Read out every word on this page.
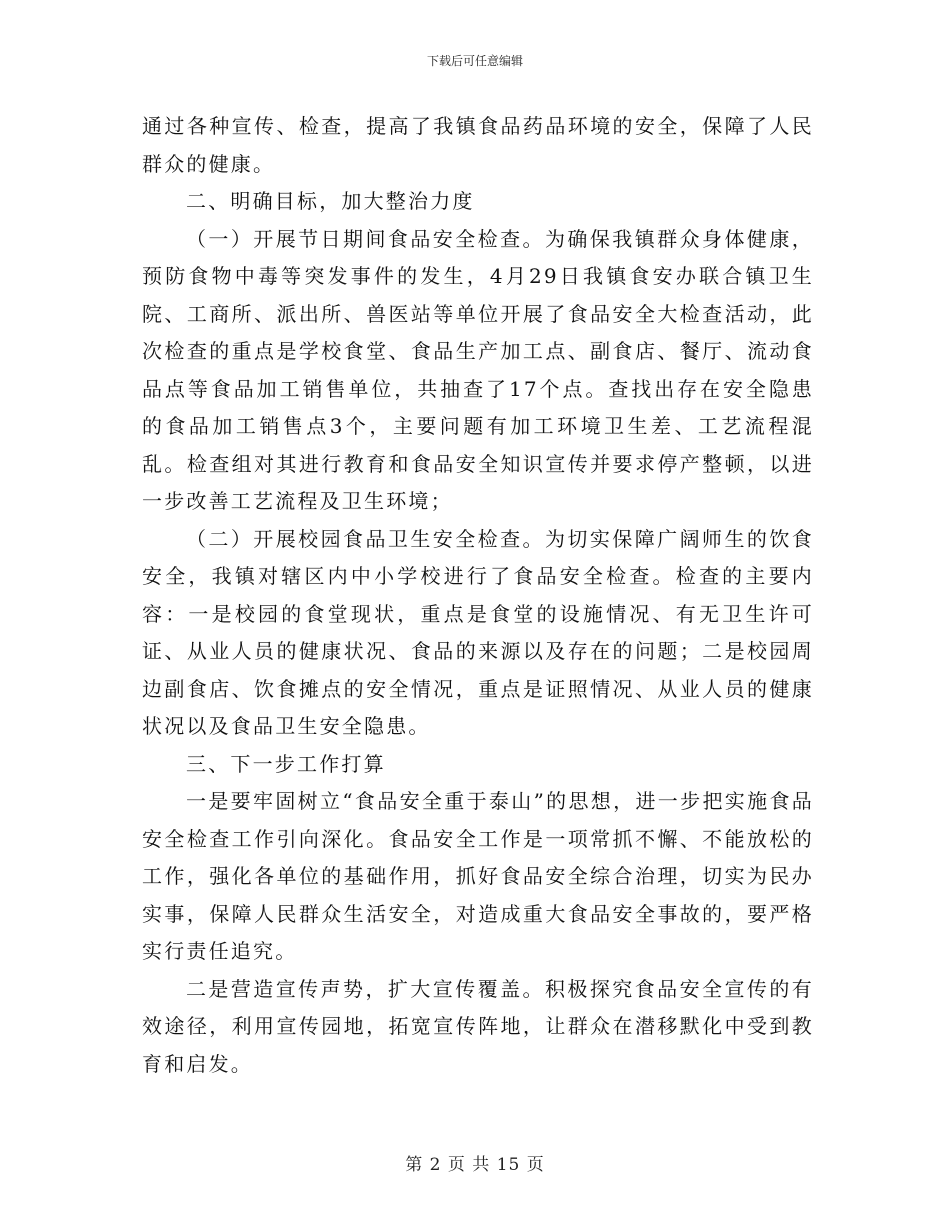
下载后可任意编辑

通过各种宣传、检查，提高了我镇食品药品环境的安全，保障了人民群众的健康。

二、明确目标，加大整治力度

（一）开展节日期间食品安全检查。为确保我镇群众身体健康，预防食物中毒等突发事件的发生，4月29日我镇食安办联合镇卫生院、工商所、派出所、兽医站等单位开展了食品安全大检查活动，此次检查的重点是学校食堂、食品生产加工点、副食店、餐厅、流动食品点等食品加工销售单位，共抽查了17个点。查找出存在安全隐患的食品加工销售点3个，主要问题有加工环境卫生差、工艺流程混乱。检查组对其进行教育和食品安全知识宣传并要求停产整顿，以进一步改善工艺流程及卫生环境；

（二）开展校园食品卫生安全检查。为切实保障广阔师生的饮食安全，我镇对辖区内中小学校进行了食品安全检查。检查的主要内容：一是校园的食堂现状，重点是食堂的设施情况、有无卫生许可证、从业人员的健康状况、食品的来源以及存在的问题；二是校园周边副食店、饮食摊点的安全情况，重点是证照情况、从业人员的健康状况以及食品卫生安全隐患。

三、下一步工作打算

一是要牢固树立“食品安全重于泰山”的思想，进一步把实施食品安全检查工作引向深化。食品安全工作是一项常抓不懈、不能放松的工作，强化各单位的基础作用，抓好食品安全综合治理，切实为民办实事，保障人民群众生活安全，对造成重大食品安全事故的，要严格实行责任追究。

二是营造宣传声势，扩大宣传覆盖。积极探究食品安全宣传的有效途径，利用宣传园地，拓宽宣传阵地，让群众在潜移默化中受到教育和启发。

第 2 页 共 15 页
